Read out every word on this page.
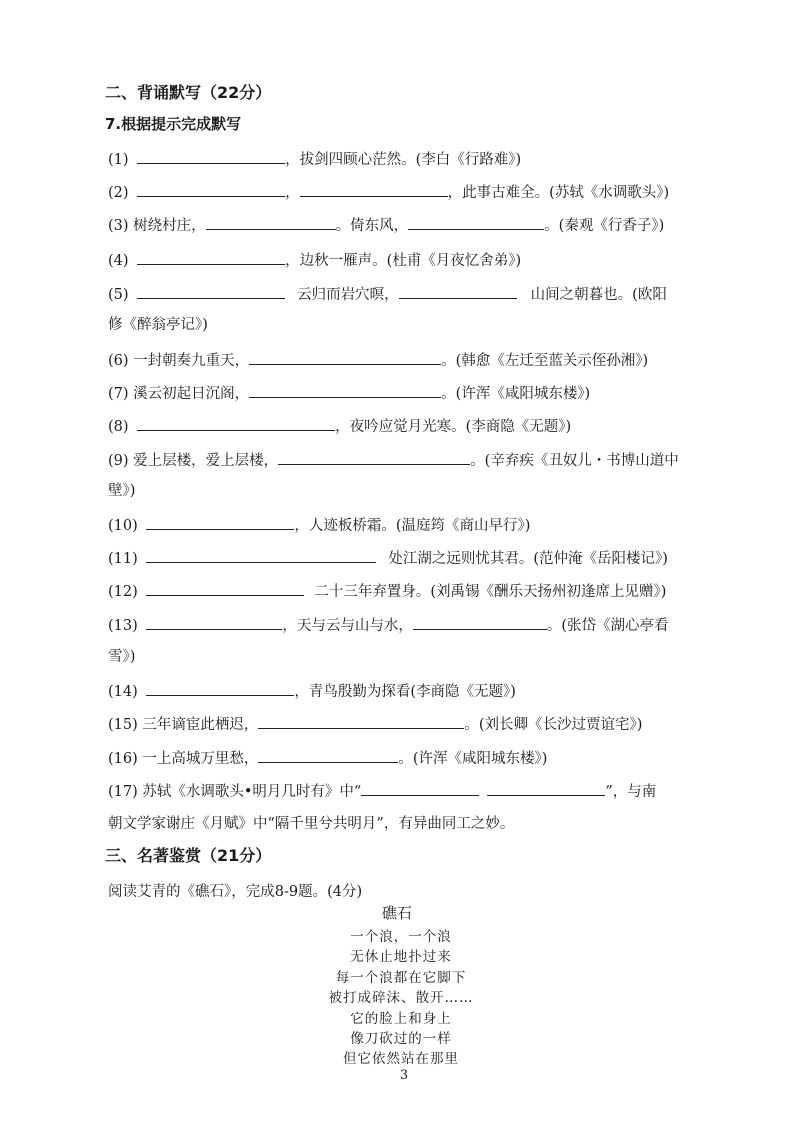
二、背诵默写（22分）
7.根据提示完成默写
(1)	，拔剑四顾心茫然。(李白《行路难》)
(2)	，	，此事古难全。(苏轼《水调歌头》)
(3) 树绕村庄，	。倚东风，	。(秦观《行香子》)
(4)	，边秋一雁声。(杜甫《月夜忆舍弟》)
(5)	云归而岩穴暝，	山间之朝暮也。(欧阳
修《醉翁亭记》)
(6) 一封朝奏九重天，	。(韩愈《左迁至蓝关示侄孙湘》)
(7) 溪云初起日沉阁，	。(许浑《咸阳城东楼》)
(8)	，夜吟应觉月光寒。(李商隐《无题》)
(9) 爱上层楼，爱上层楼，	。(辛弃疾《丑奴儿・书博山道中
壁》)
(10)	，人迹板桥霜。(温庭筠《商山早行》)
(11)	处江湖之远则忧其君。(范仲淹《岳阳楼记》)
(12)	二十三年弃置身。(刘禹锡《酬乐天扬州初逢席上见赠》)
(13)	，天与云与山与水，	。(张岱《湖心亭看
雪》)
(14)	，青鸟殷勤为探看(李商隐《无题》)
(15) 三年谪宦此栖迟，	。(刘长卿《长沙过贾谊宅》)
(16) 一上高城万里愁，	。(许浑《咸阳城东楼》)
(17) 苏轼《水调歌头•明月几时有》中“	”，与南
朝文学家谢庄《月赋》中“隔千里兮共明月”，有异曲同工之妙。
三、名著鉴赏（21分）
阅读艾青的《礁石》，完成8-9题。(4分)
礁石
一个浪，一个浪
无休止地扑过来
每一个浪都在它脚下
被打成碎沫、散开……
它的脸上和身上
像刀砍过的一样
但它依然站在那里
3
